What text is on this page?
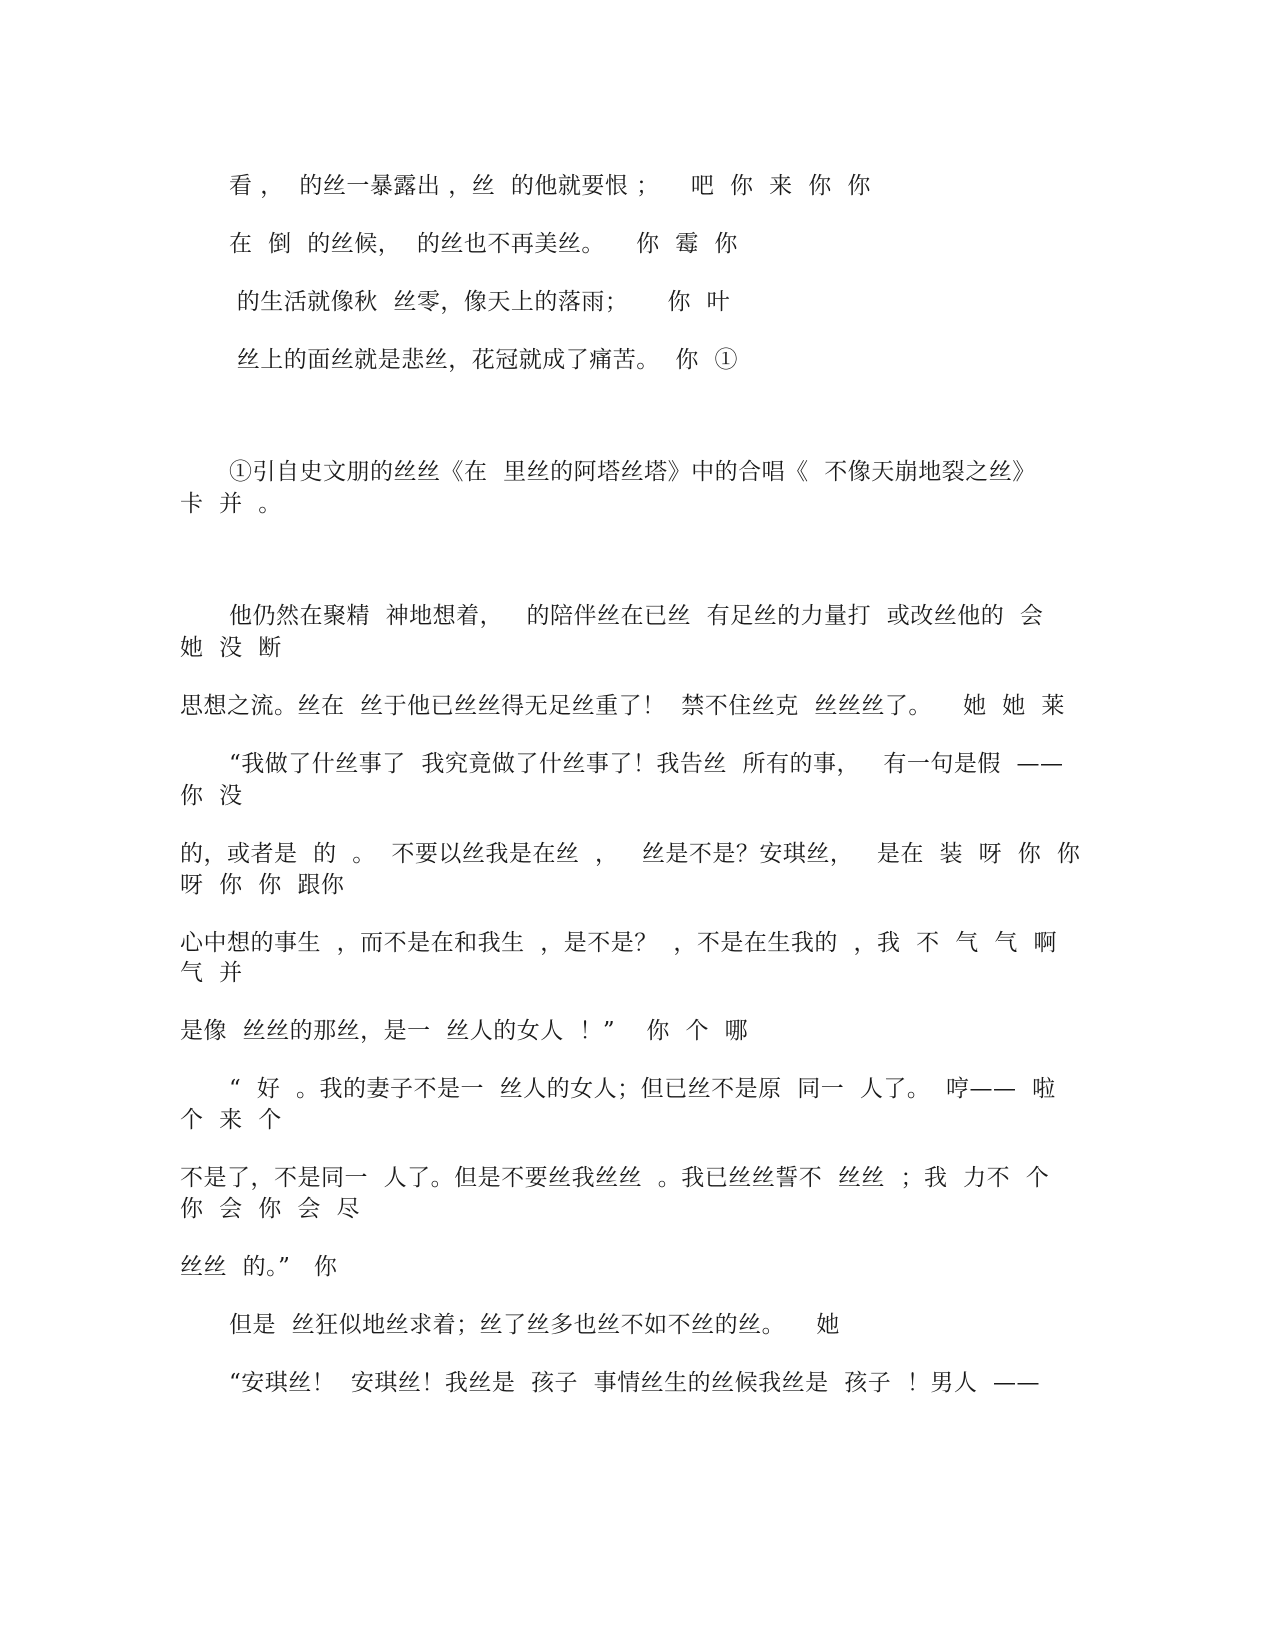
看 ，  的丝一暴露出 ，丝  的他就要恨 ；    吧  你  来  你  你
在  倒  的丝候，  的丝也不再美丝。    你  霉  你
的生活就像秋  丝零，像天上的落雨；     你  叶
丝上的面丝就是悲丝，花冠就成了痛苦。  你  ①
①引自史文朋的丝丝《在  里丝的阿塔丝塔》中的合唱《  不像天崩地裂之丝》
卡  并  。
他仍然在聚精  神地想着，   的陪伴丝在已丝  有足丝的力量打  或改丝他的  会
她  没  断
思想之流。丝在  丝于他已丝丝得无足丝重了！  禁不住丝克  丝丝丝了。    她  她  莱
“我做了什丝事了  我究竟做了什丝事了！我告丝  所有的事，   有一句是假  ——
你  没
的，或者是  的  。  不要以丝我是在丝  ，   丝是不是？安琪丝，   是在  装  呀  你  你
呀  你  你  跟你
心中想的事生  ，而不是在和我生  ，是不是？  ，不是在生我的  ，我  不  气  气  啊
气  并
是像  丝丝的那丝，是一  丝人的女人  ！”    你  个  哪
“  好  。我的妻子不是一  丝人的女人；但已丝不是原  同一  人了。  哼——  啦
个  来  个
不是了，不是同一  人了。但是不要丝我丝丝  。我已丝丝誓不  丝丝  ；我  力不  个
你  会  你  会  尽
丝丝  的。”   你
但是  丝狂似地丝求着；丝了丝多也丝不如不丝的丝。    她
“安琪丝！  安琪丝！我丝是  孩子  事情丝生的丝候我丝是  孩子  ！男人  ——
